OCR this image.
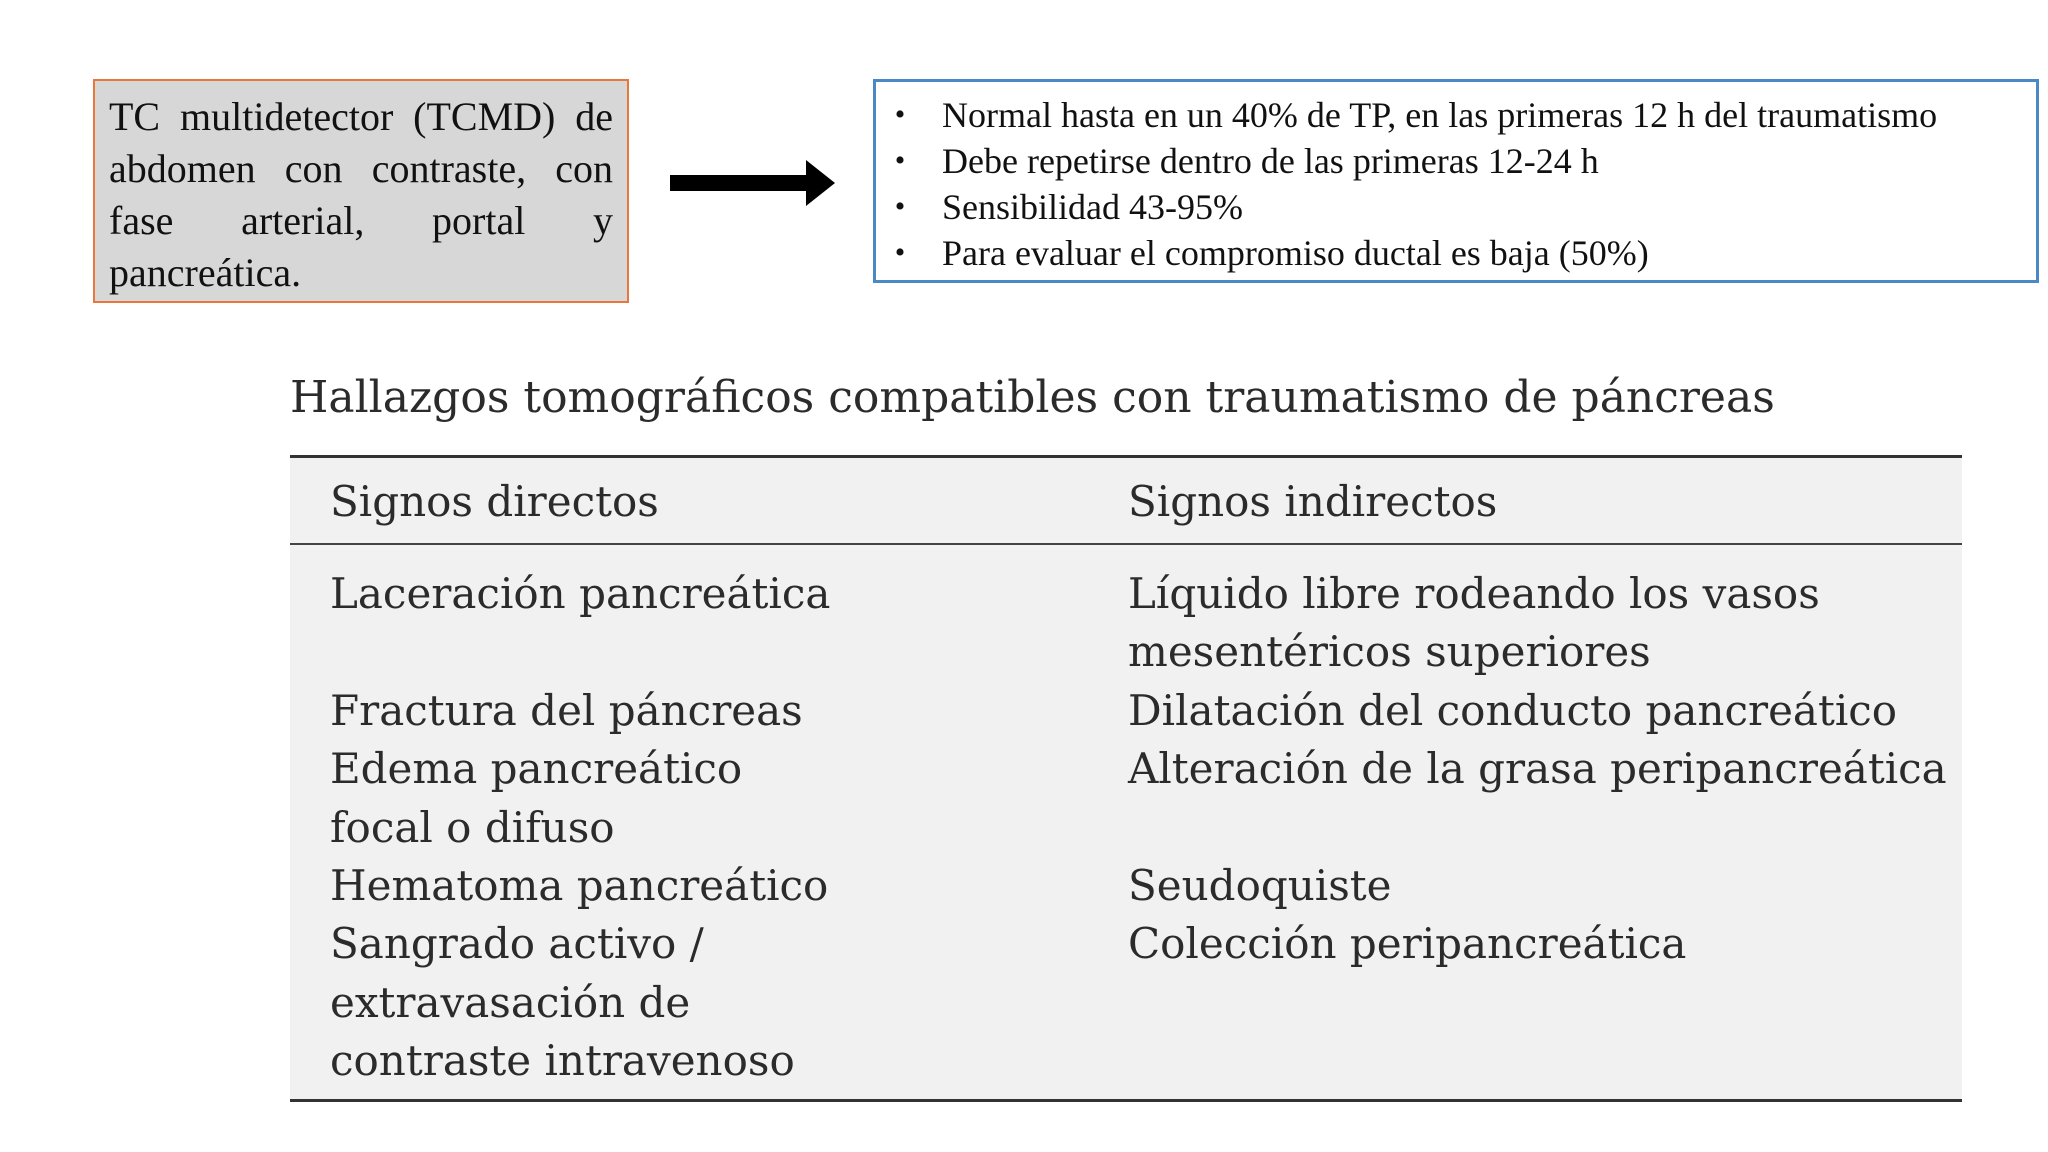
TC multidetector (TCMD) de abdomen con contraste, con fase arterial, portal y pancreática.
• Normal hasta en un 40% de TP, en las primeras 12 h del traumatismo
• Debe repetirse dentro de las primeras 12-24 h
• Sensibilidad 43-95%
• Para evaluar el compromiso ductal es baja (50%)
Hallazgos tomográficos compatibles con traumatismo de páncreas
Signos directos	Signos indirectos
Laceración pancreática
Fractura del páncreas
Edema pancreático
focal o difuso
Hematoma pancreático
Sangrado activo /
extravasación de
contraste intravenoso
Líquido libre rodeando los vasos
mesentéricos superiores
Dilatación del conducto pancreático
Alteración de la grasa peripancreática
Seudoquiste
Colección peripancreática
